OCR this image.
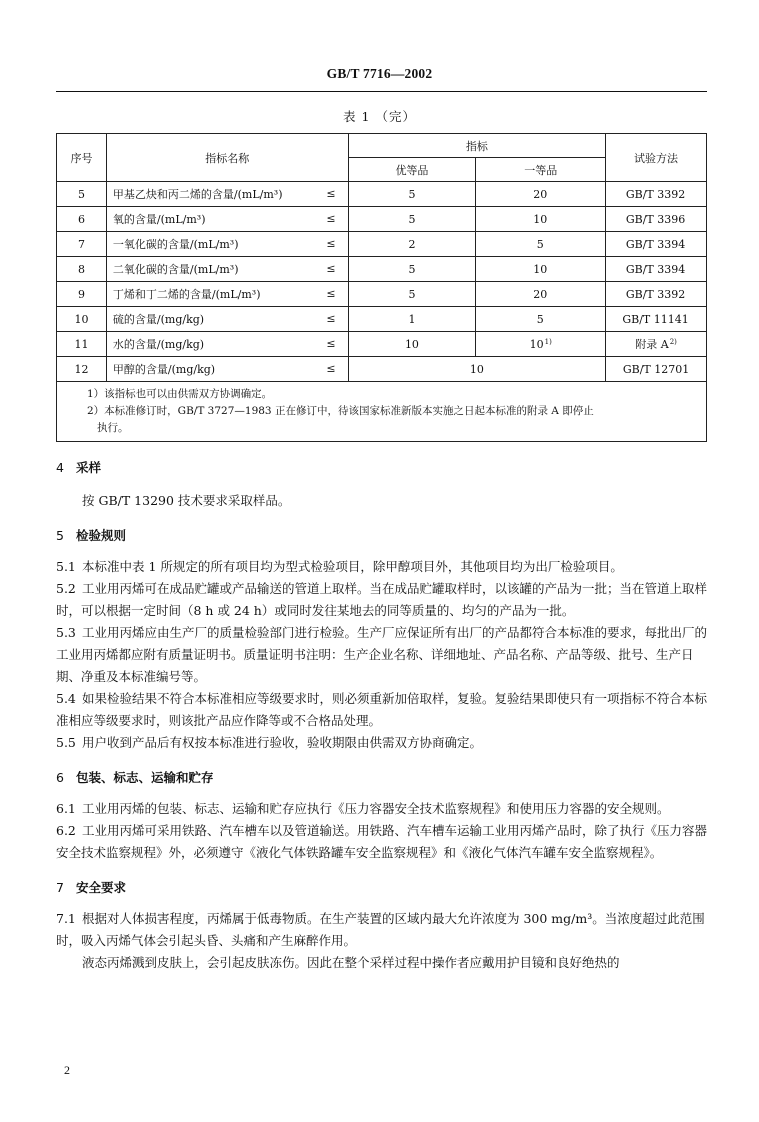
GB/T 7716—2002
表 1 （完）
序号	指标名称	指标		试验方法
		优等品	一等品	
5	甲基乙炔和丙二烯的含量/(mL/m³) ≤	5	20	GB/T 3392
6	氧的含量/(mL/m³) ≤	5	10	GB/T 3396
7	一氧化碳的含量/(mL/m³) ≤	2	5	GB/T 3394
8	二氧化碳的含量/(mL/m³) ≤	5	10	GB/T 3394
9	丁烯和丁二烯的含量/(mL/m³) ≤	5	20	GB/T 3392
10	硫的含量/(mg/kg) ≤	1	5	GB/T 11141
11	水的含量/(mg/kg) ≤	10	10$^{1)}$	附录 A$^{2)}$
12	甲醇的含量/(mg/kg) ≤	10		GB/T 12701

1）该指标也可以由供需双方协调确定。
2）本标准修订时，GB/T 3727—1983 正在修订中，待该国家标准新版本实施之日起本标准的附录 A 即停止
执行。				
4 采样
按 GB/T 13290 技术要求采取样品。
5 检验规则
5.1 本标准中表 1 所规定的所有项目均为型式检验项目，除甲醇项目外，其他项目均为出厂检验项目。
5.2 工业用丙烯可在成品贮罐或产品输送的管道上取样。当在成品贮罐取样时，以该罐的产品为一批；当在管道上取样时，可以根据一定时间（8 h 或 24 h）或同时发往某地去的同等质量的、均匀的产品为一批。
5.3 工业用丙烯应由生产厂的质量检验部门进行检验。生产厂应保证所有出厂的产品都符合本标准的要求，每批出厂的工业用丙烯都应附有质量证明书。质量证明书注明：生产企业名称、详细地址、产品名称、产品等级、批号、生产日期、净重及本标准编号等。
5.4 如果检验结果不符合本标准相应等级要求时，则必须重新加倍取样，复验。复验结果即使只有一项指标不符合本标准相应等级要求时，则该批产品应作降等或不合格品处理。
5.5 用户收到产品后有权按本标准进行验收，验收期限由供需双方协商确定。
6 包装、标志、运输和贮存
6.1 工业用丙烯的包装、标志、运输和贮存应执行《压力容器安全技术监察规程》和使用压力容器的安全规则。
6.2 工业用丙烯可采用铁路、汽车槽车以及管道输送。用铁路、汽车槽车运输工业用丙烯产品时，除了执行《压力容器安全技术监察规程》外，必须遵守《液化气体铁路罐车安全监察规程》和《液化气体汽车罐车安全监察规程》。
7 安全要求
7.1 根据对人体损害程度，丙烯属于低毒物质。在生产装置的区域内最大允许浓度为 300 mg/m³。当浓度超过此范围时，吸入丙烯气体会引起头昏、头痛和产生麻醉作用。
液态丙烯溅到皮肤上，会引起皮肤冻伤。因此在整个采样过程中操作者应戴用护目镜和良好绝热的
2
